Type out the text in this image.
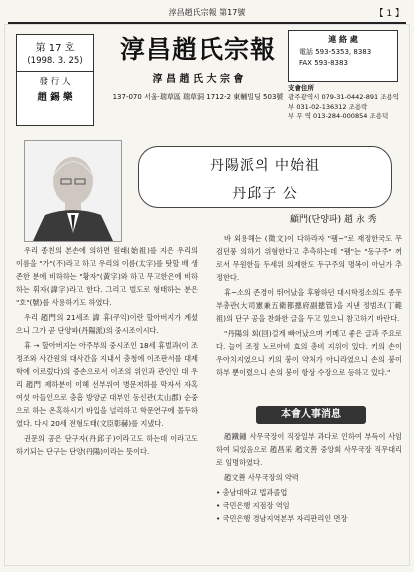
淳昌趙氏宗報 第17號	【 1 】
第 17 호
(1998. 3. 25)
發 行 人
趙 錫 樂
淳昌趙氏宗報
淳 昌 趙 氏 大 宗 會
137-070 서울·瑞草區 瑞草洞 1712-2 東輔빌딩 503號
連 絡 處
電話 593-5353, 8383
FAX 593-8383
支會住所
광주광역시 079-31-0442-891 조용익
부 031-02-136312 조용락
부 무 역 013-284-000854 조용덕
丹陽派의 中始祖
丹邱子 公
顧門(단양파) 趙 永 秀

우리 종친의 본손에 의하면 원래(始祖)를 지은 우리의 이름을 "가"(不)라고 하고 우리의 이름(太字)를 탓할 배 생존한 분에 비하하는 "황자"(黃字)와 하고 무고한은에 비하하는 휘자(諱字)라고 한다. 그리고 벌도로 형태하는 분은 "호"(號)를 사용하기도 하였다.

우리 趙門의 21세조 諱 휴(쿠익)이란 할아버지가 계셨으니 그가 곧 단양파(丹陽派)의 중시조이시다.

휴 → 할아버지는 아주부의 중시조인 18세 휴벌과(이 조정조와 사간원의 대사간을 지내서 충청에 이조판서를 대제학에 이르렀다)의 증손으로서 이조의 위인과 관인인 대 우리 趙門 제하분이 이혜 선부위여 병문저하를 막자서 자혹 여섯 아들인으로 충흠 방양군 대부인 동신관(太山郡) 순중으로 하는 온혹하시기 바입을 널리하고 학문연구에 몰두하였다. 다시 20세 전형도태(文臣彰赫)를 지냈다.

권문의 공은 단구자(丹邱子)이라고도 하는데 이라고도 하기되는 단구는 단양(丹陽)이라는 뜻이다.

바 외용해는 (徵文)이 다하라자 "팸~"로 재정한국도 무검던풍 의하기 위혐한다고 추측하는데 "팸"는 "동구주" 꺼로서 무원한들 두세위 의제한도 두구주의 명복이 아닌가 추정한다.

휴~소의 존경이 뛰어났을 후왕하던 대시학정소의도 종무부총관(大司憲兼五衛都摠府副摠管)을 지낸 정범조(丁範祖)의 단구 공을 찬화한 글을 두고 있으니 참고하기 바란다.

"丹陽의 회(回)걸게 빠어났으며 키메고 좋은 글과 주요로 다. 늘어 조정 노르아비 효의 총비 지위이 있다. 키의 손이 우아치지였으니 키의 붕이 약처가 아니라였으니 손의 붕이 하부 뿐이렸으니 손의 붕이 항상 수장으로 등하고 있다."

本會人事消息

趙鐵鍾 사무국장이 직장일부 과다로 인하여 부득이 사임하여 되었음으로 趙昌采 趙文善 중앙회 사무국장 직무대리로 임명하였다.

趙文善 사무국장의 약력

• 충남대학교 법과졸업
• 국민은행 지점장 역임
• 국민은행 경남지역본부 자리판리인 면장
